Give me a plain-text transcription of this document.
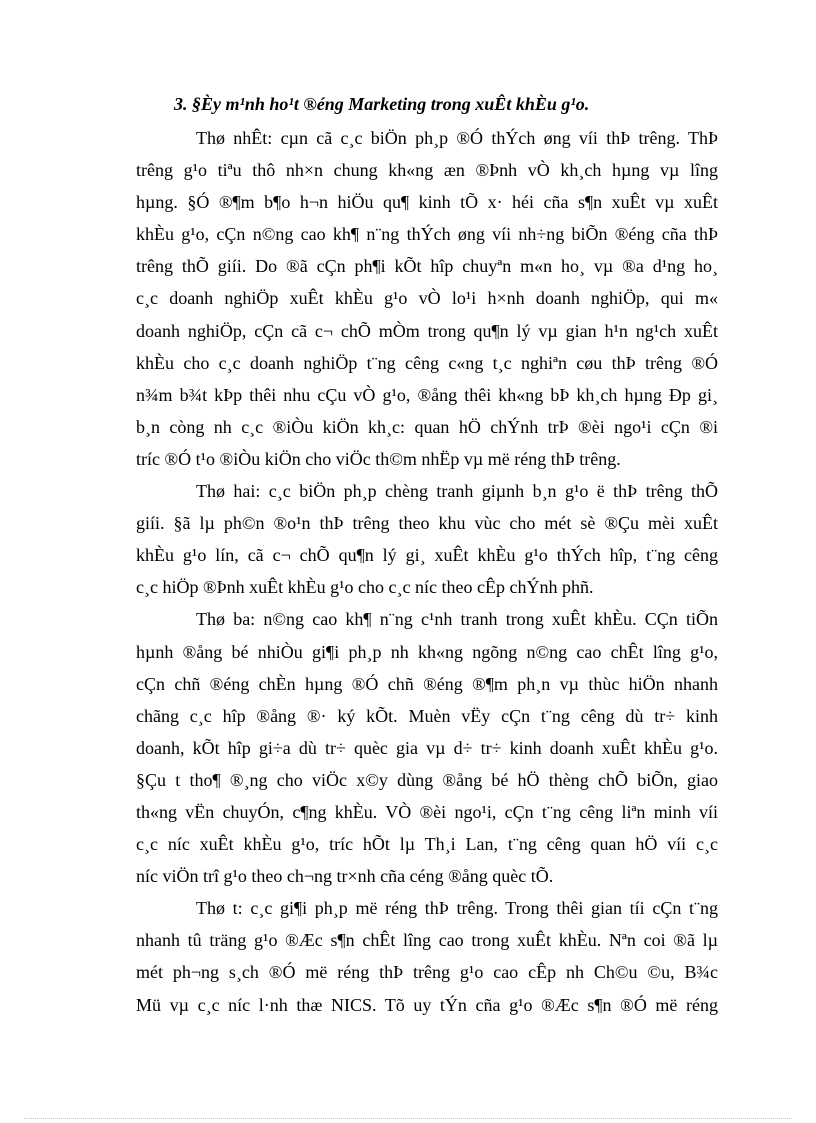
3. §Èy m¹nh ho¹t ®éng Marketing trong xuÊt khÈu g¹o.
Thø nhÊt: cµn cã c¸c biÖn ph¸p ®Ó thÝch øng víi thÞ trêng. ThÞ
trêng g¹o tiªu thô nh×n chung kh«ng æn ®Þnh vÒ kh¸ch hµng vµ lîng
hµng. §Ó ®¶m b¶o h¬n hiÖu qu¶ kinh tÕ x· héi cña s¶n xuÊt vµ xuÊt
khÈu g¹o, cÇn n©ng cao kh¶ n¨ng thÝch øng víi nh÷ng biÕn ®éng cña thÞ
trêng thÕ giíi. Do ®ã cÇn ph¶i kÕt hîp chuyªn m«n ho¸ vµ ®a d¹ng ho¸
c¸c doanh nghiÖp xuÊt khÈu g¹o vÒ lo¹i h×nh doanh nghiÖp, qui m«
doanh nghiÖp, cÇn cã c¬ chÕ mÒm trong qu¶n lý vµ gian h¹n ng¹ch xuÊt
khÈu cho c¸c doanh nghiÖp t¨ng cêng c«ng t¸c nghiªn cøu thÞ trêng ®Ó
n¾m b¾t kÞp thêi nhu cÇu vÒ g¹o, ®ång thêi kh«ng bÞ kh¸ch hµng Ðp gi¸
b¸n còng nh c¸c ®iÒu kiÖn kh¸c: quan hÖ chÝnh trÞ ®èi ngo¹i cÇn ®i
tríc ®Ó t¹o ®iÒu kiÖn cho viÖc th©m nhËp vµ më réng thÞ trêng.
Thø hai: c¸c biÖn ph¸p chèng tranh giµnh b¸n g¹o ë thÞ trêng thÕ
giíi. §ã lµ ph©n ®o¹n thÞ trêng theo khu vùc cho mét sè ®Çu mèi xuÊt
khÈu g¹o lín, cã c¬ chÕ qu¶n lý gi¸ xuÊt khÈu g¹o thÝch hîp, t¨ng cêng
c¸c hiÖp ®Þnh xuÊt khÈu g¹o cho c¸c níc theo cÊp chÝnh phñ.
Thø ba: n©ng cao kh¶ n¨ng c¹nh tranh trong xuÊt khÈu. CÇn tiÕn
hµnh ®ång bé nhiÒu gi¶i ph¸p nh kh«ng ngõng n©ng cao chÊt lîng g¹o,
cÇn chñ ®éng chÈn hµng ®Ó chñ ®éng ®¶m ph¸n vµ thùc hiÖn nhanh
chãng c¸c hîp ®ång ®· ký kÕt. Muèn vËy cÇn t¨ng cêng dù tr÷ kinh
doanh, kÕt hîp gi÷a dù tr÷ quèc gia vµ d÷ tr÷ kinh doanh xuÊt khÈu g¹o.
§Çu t tho¶ ®¸ng cho viÖc x©y dùng ®ång bé hÖ thèng chÕ biÕn, giao
th«ng vËn chuyÓn, c¶ng khÈu. VÒ ®èi ngo¹i, cÇn t¨ng cêng liªn minh víi
c¸c níc xuÊt khÈu g¹o, tríc hÕt lµ Th¸i Lan, t¨ng cêng quan hÖ víi c¸c
níc viÖn trî g¹o theo ch¬ng tr×nh cña céng ®ång quèc tÕ.
Thø t: c¸c gi¶i ph¸p më réng thÞ trêng. Trong thêi gian tíi cÇn t¨ng
nhanh tû träng g¹o ®Æc s¶n chÊt lîng cao trong xuÊt khÈu. Nªn coi ®ã lµ
mét ph¬ng s¸ch ®Ó më réng thÞ trêng g¹o cao cÊp nh Ch©u ©u, B¾c
Mü vµ c¸c níc l·nh thæ NICS. Tõ uy tÝn cña g¹o ®Æc s¶n ®Ó më réng
